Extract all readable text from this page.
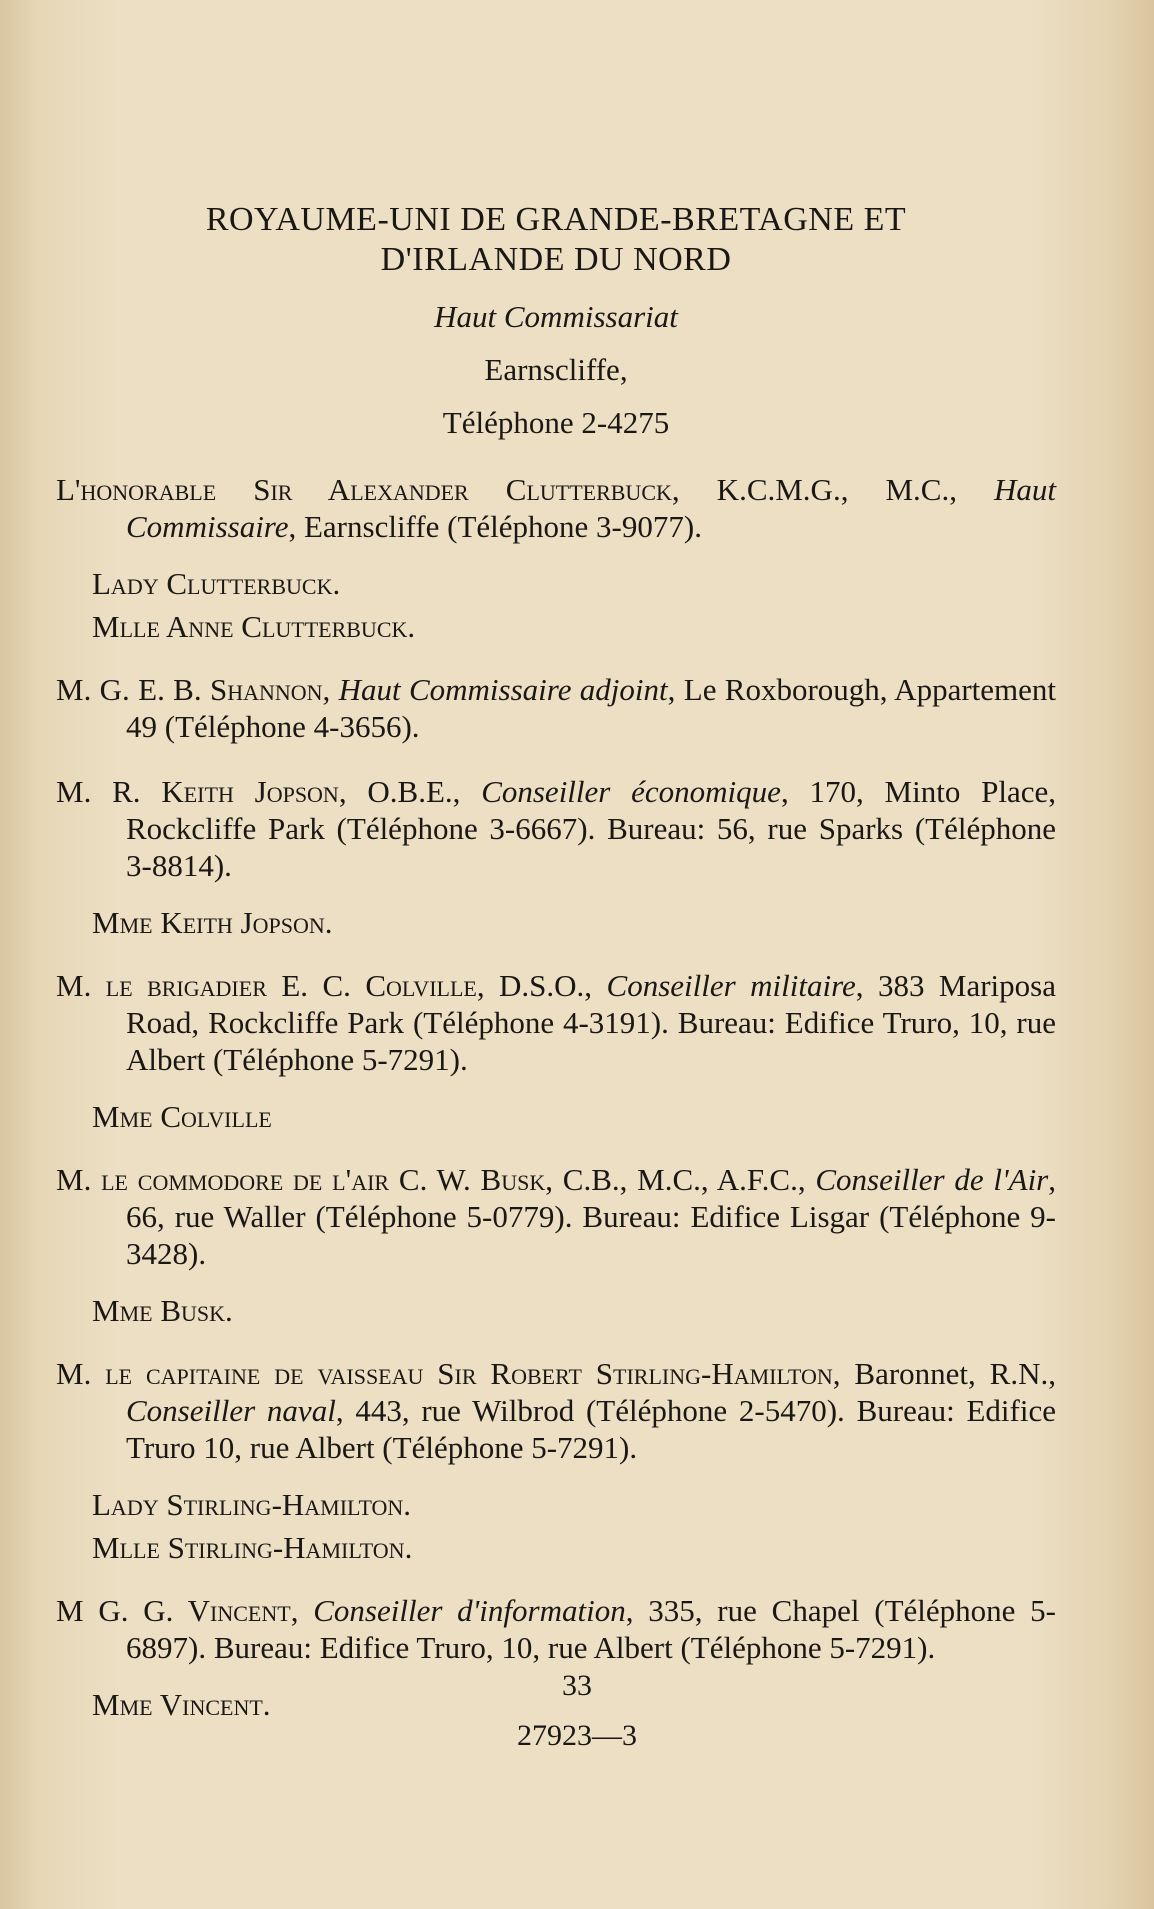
ROYAUME-UNI DE GRANDE-BRETAGNE ET
D'IRLANDE DU NORD

Haut Commissariat

Earnscliffe,

Téléphone 2-4275

L'honorable Sir Alexander Clutterbuck, K.C.M.G., M.C., Haut Commissaire, Earnscliffe (Téléphone 3-9077).

Lady Clutterbuck.
Mlle Anne Clutterbuck.

M. G. E. B. Shannon, Haut Commissaire adjoint, Le Roxborough, Appartement 49 (Téléphone 4-3656).

M. R. Keith Jopson, O.B.E., Conseiller économique, 170, Minto Place, Rockcliffe Park (Téléphone 3-6667). Bureau: 56, rue Sparks (Téléphone 3-8814).

Mme Keith Jopson.

M. le brigadier E. C. Colville, D.S.O., Conseiller militaire, 383 Mariposa Road, Rockcliffe Park (Téléphone 4-3191). Bureau: Edifice Truro, 10, rue Albert (Téléphone 5-7291).

Mme Colville

M. le commodore de l'air C. W. Busk, C.B., M.C., A.F.C., Conseiller de l'Air, 66, rue Waller (Téléphone 5-0779). Bureau: Edifice Lisgar (Téléphone 9-3428).

Mme Busk.

M. le capitaine de vaisseau Sir Robert Stirling-Hamilton, Baronnet, R.N., Conseiller naval, 443, rue Wilbrod (Téléphone 2-5470). Bureau: Edifice Truro 10, rue Albert (Téléphone 5-7291).

Lady Stirling-Hamilton.
Mlle Stirling-Hamilton.

M G. G. Vincent, Conseiller d'information, 335, rue Chapel (Téléphone 5-6897). Bureau: Edifice Truro, 10, rue Albert (Téléphone 5-7291).

Mme Vincent.
33
27923—3
